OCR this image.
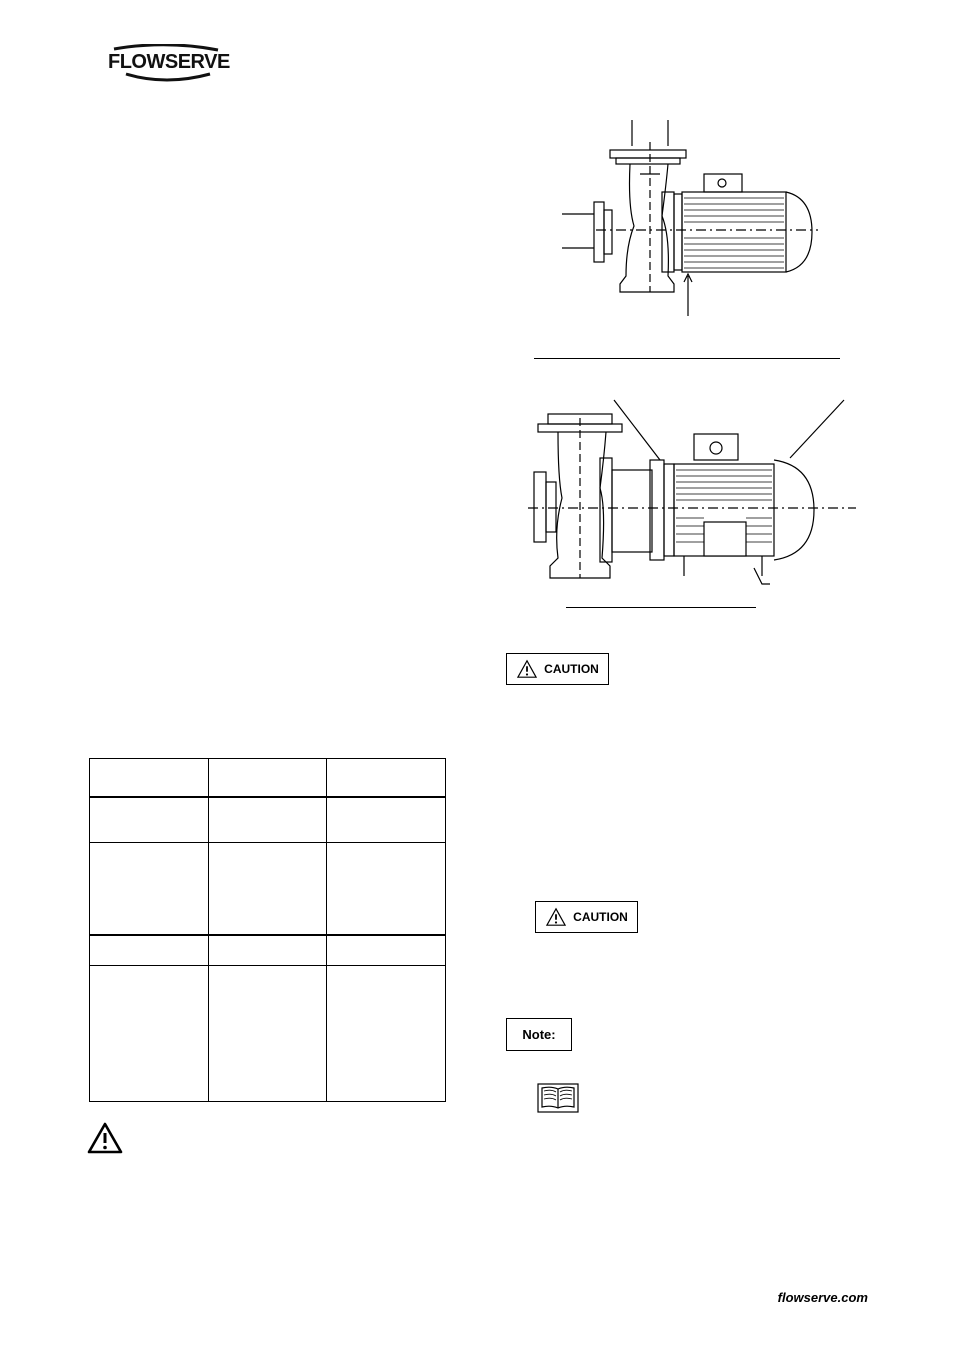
FLOWSERVE
CAUTION
CAUTION
Note:

flowserve.com
